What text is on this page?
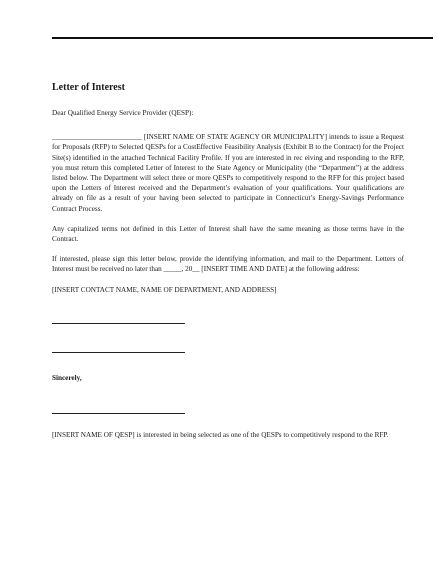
Letter of Interest
Dear Qualified Energy Service Provider (QESP):
_________________________ [INSERT NAME OF STATE AGENCY OR MUNICIPALITY] intends to issue a Request for Proposals (RFP) to Selected QESPs for a CostEffective Feasibility Analysis (Exhibit B to the Contract) for the Project Site(s) identified in the attached Technical Facility Profile. If you are interested in rec eiving and responding to the RFP, you must return this completed Letter of Interest to the State Agency or Municipality (the “Department”) at the address listed below. The Department will select three or more QESPs to competitively respond to the RFP for this project based upon the Letters of Interest received and the Department’s evaluation of your qualifications. Your qualifications are already on file as a result of your having been selected to participate in Connecticut’s Energy-Savings Performance Contract Process.
Any capitalized terms not defined in this Letter of Interest shall have the same meaning as those terms have in the Contract.
If interested, please sign this letter below, provide the identifying information, and mail to the Department. Letters of Interest must be received no later than _____, 20__ [INSERT TIME AND DATE] at the following address:
[INSERT CONTACT NAME, NAME OF DEPARTMENT, AND ADDRESS]
Sincerely,
[INSERT NAME OF QESP] is interested in being selected as one of the QESPs to competitively respond to the RFP.
